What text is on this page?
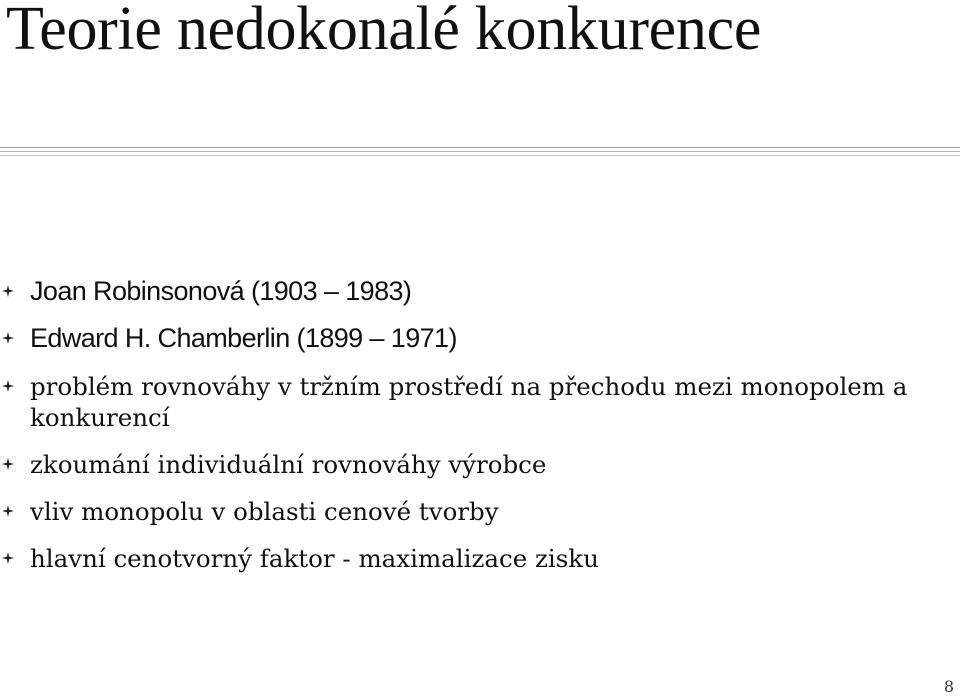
Teorie nedokonalé konkurence
Joan Robinsonová (1903 – 1983)
Edward H. Chamberlin (1899 – 1971)
problém rovnováhy v tržním prostředí na přechodu mezi monopolem a konkurencí
zkoumání individuální rovnováhy výrobce
vliv monopolu v oblasti cenové tvorby
hlavní cenotvorný faktor - maximalizace zisku
8
